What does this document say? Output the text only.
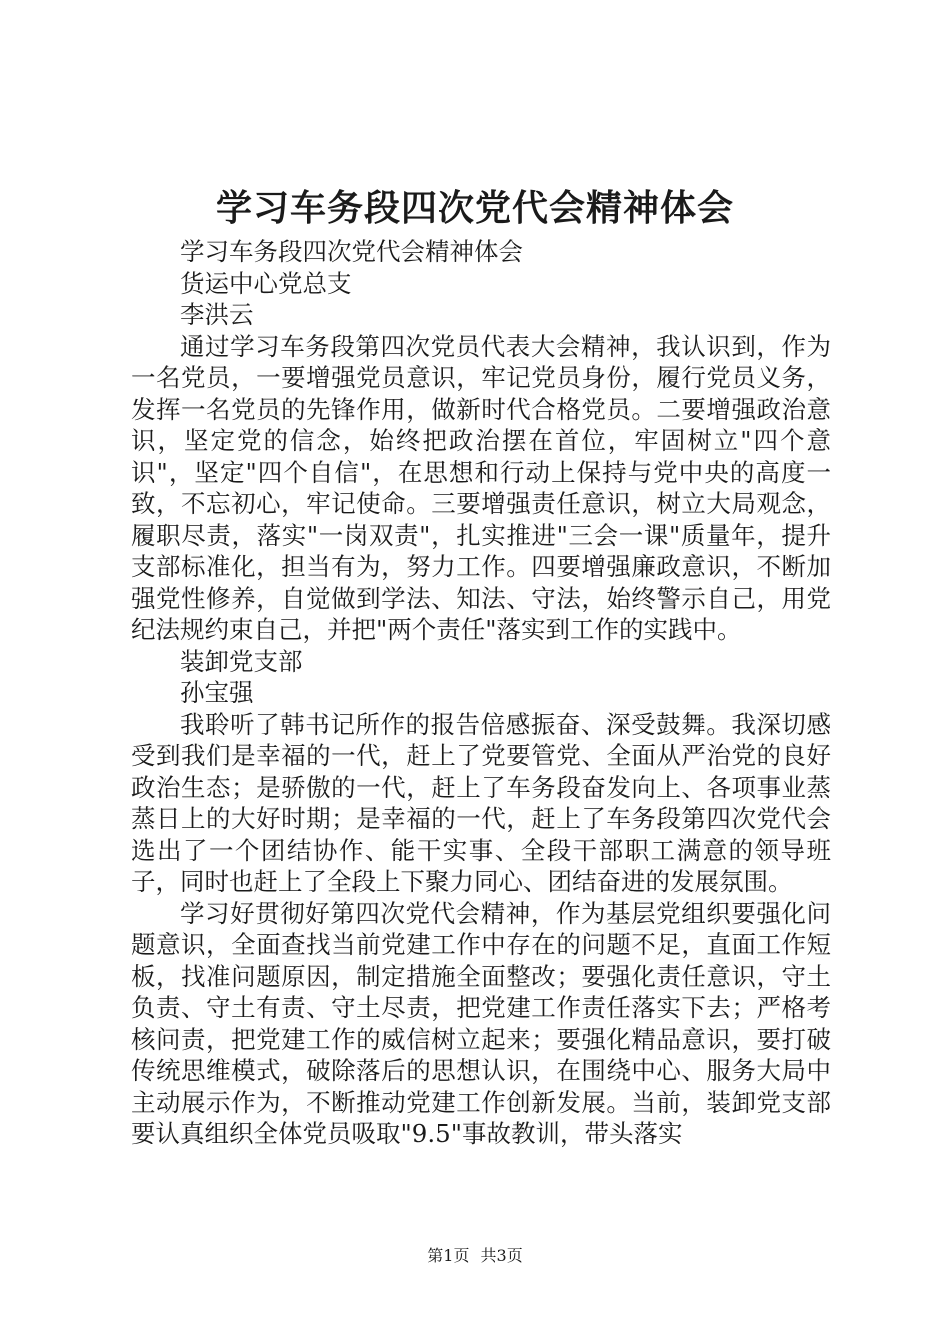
学习车务段四次党代会精神体会

学习车务段四次党代会精神体会

货运中心党总支

李洪云

通过学习车务段第四次党员代表大会精神，我认识到，作为一名党员，一要增强党员意识，牢记党员身份，履行党员义务，发挥一名党员的先锋作用，做新时代合格党员。二要增强政治意识，坚定党的信念，始终把政治摆在首位，牢固树立"四个意识"，坚定"四个自信"，在思想和行动上保持与党中央的高度一致，不忘初心，牢记使命。三要增强责任意识，树立大局观念，履职尽责，落实"一岗双责"，扎实推进"三会一课"质量年，提升支部标准化，担当有为，努力工作。四要增强廉政意识，不断加强党性修养，自觉做到学法、知法、守法，始终警示自己，用党纪法规约束自己，并把"两个责任"落实到工作的实践中。

装卸党支部

孙宝强

我聆听了韩书记所作的报告倍感振奋、深受鼓舞。我深切感受到我们是幸福的一代，赶上了党要管党、全面从严治党的良好政治生态；是骄傲的一代，赶上了车务段奋发向上、各项事业蒸蒸日上的大好时期；是幸福的一代，赶上了车务段第四次党代会选出了一个团结协作、能干实事、全段干部职工满意的领导班子，同时也赶上了全段上下聚力同心、团结奋进的发展氛围。

学习好贯彻好第四次党代会精神，作为基层党组织要强化问题意识，全面查找当前党建工作中存在的问题不足，直面工作短板，找准问题原因，制定措施全面整改；要强化责任意识，守土负责、守土有责、守土尽责，把党建工作责任落实下去；严格考核问责，把党建工作的威信树立起来；要强化精品意识，要打破传统思维模式，破除落后的思想认识，在围绕中心、服务大局中主动展示作为，不断推动党建工作创新发展。当前，装卸党支部要认真组织全体党员吸取"9.5"事故教训，带头落实

第1页 共3页
